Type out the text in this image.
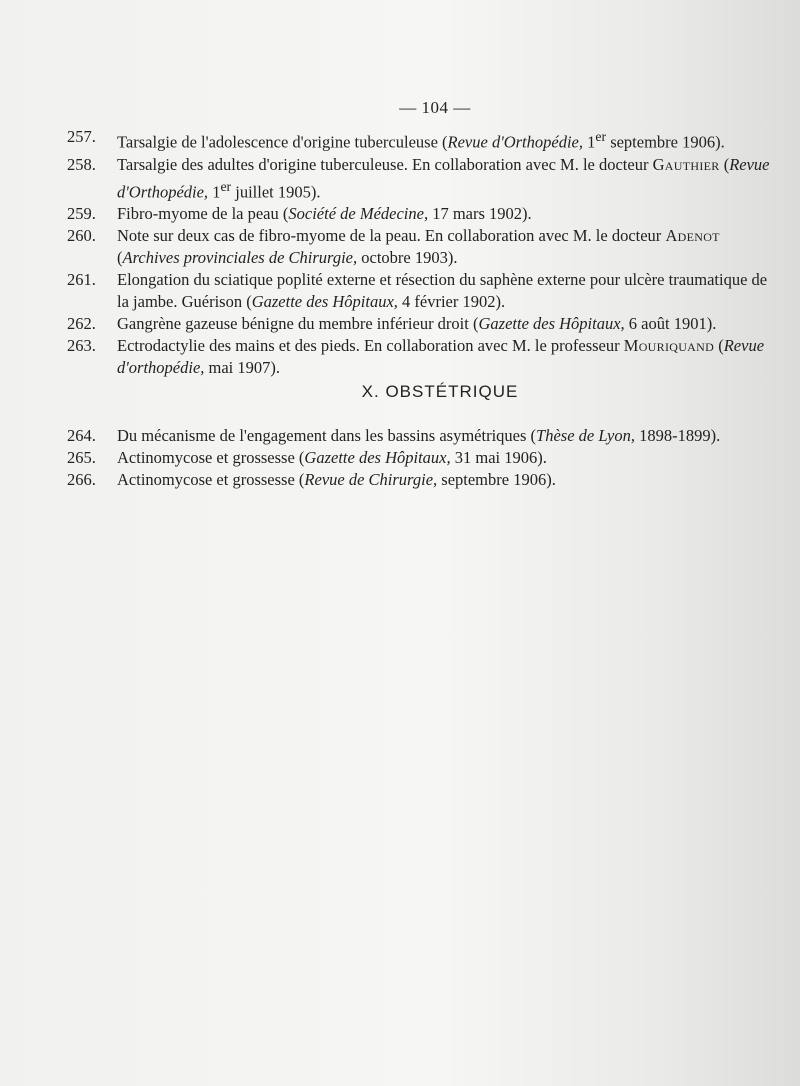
— 104 —

257. Tarsalgie de l'adolescence d'origine tuberculeuse (Revue d'Orthopédie, 1er septembre 1906).

258. Tarsalgie des adultes d'origine tuberculeuse. En collaboration avec M. le docteur Gauthier (Revue d'Orthopédie, 1er juillet 1905).

259. Fibro-myome de la peau (Société de Médecine, 17 mars 1902).

260. Note sur deux cas de fibro-myome de la peau. En collaboration avec M. le docteur Adenot (Archives provinciales de Chirurgie, octobre 1903).

261. Elongation du sciatique poplité externe et résection du saphène externe pour ulcère traumatique de la jambe. Guérison (Gazette des Hôpitaux, 4 février 1902).

262. Gangrène gazeuse bénigne du membre inférieur droit (Gazette des Hôpitaux, 6 août 1901).

263. Ectrodactylie des mains et des pieds. En collaboration avec M. le professeur Mouriquand (Revue d'orthopédie, mai 1907).

X. OBSTÉTRIQUE

264. Du mécanisme de l'engagement dans les bassins asymétriques (Thèse de Lyon, 1898-1899).

265. Actinomycose et grossesse (Gazette des Hôpitaux, 31 mai 1906).

266. Actinomycose et grossesse (Revue de Chirurgie, septembre 1906).
